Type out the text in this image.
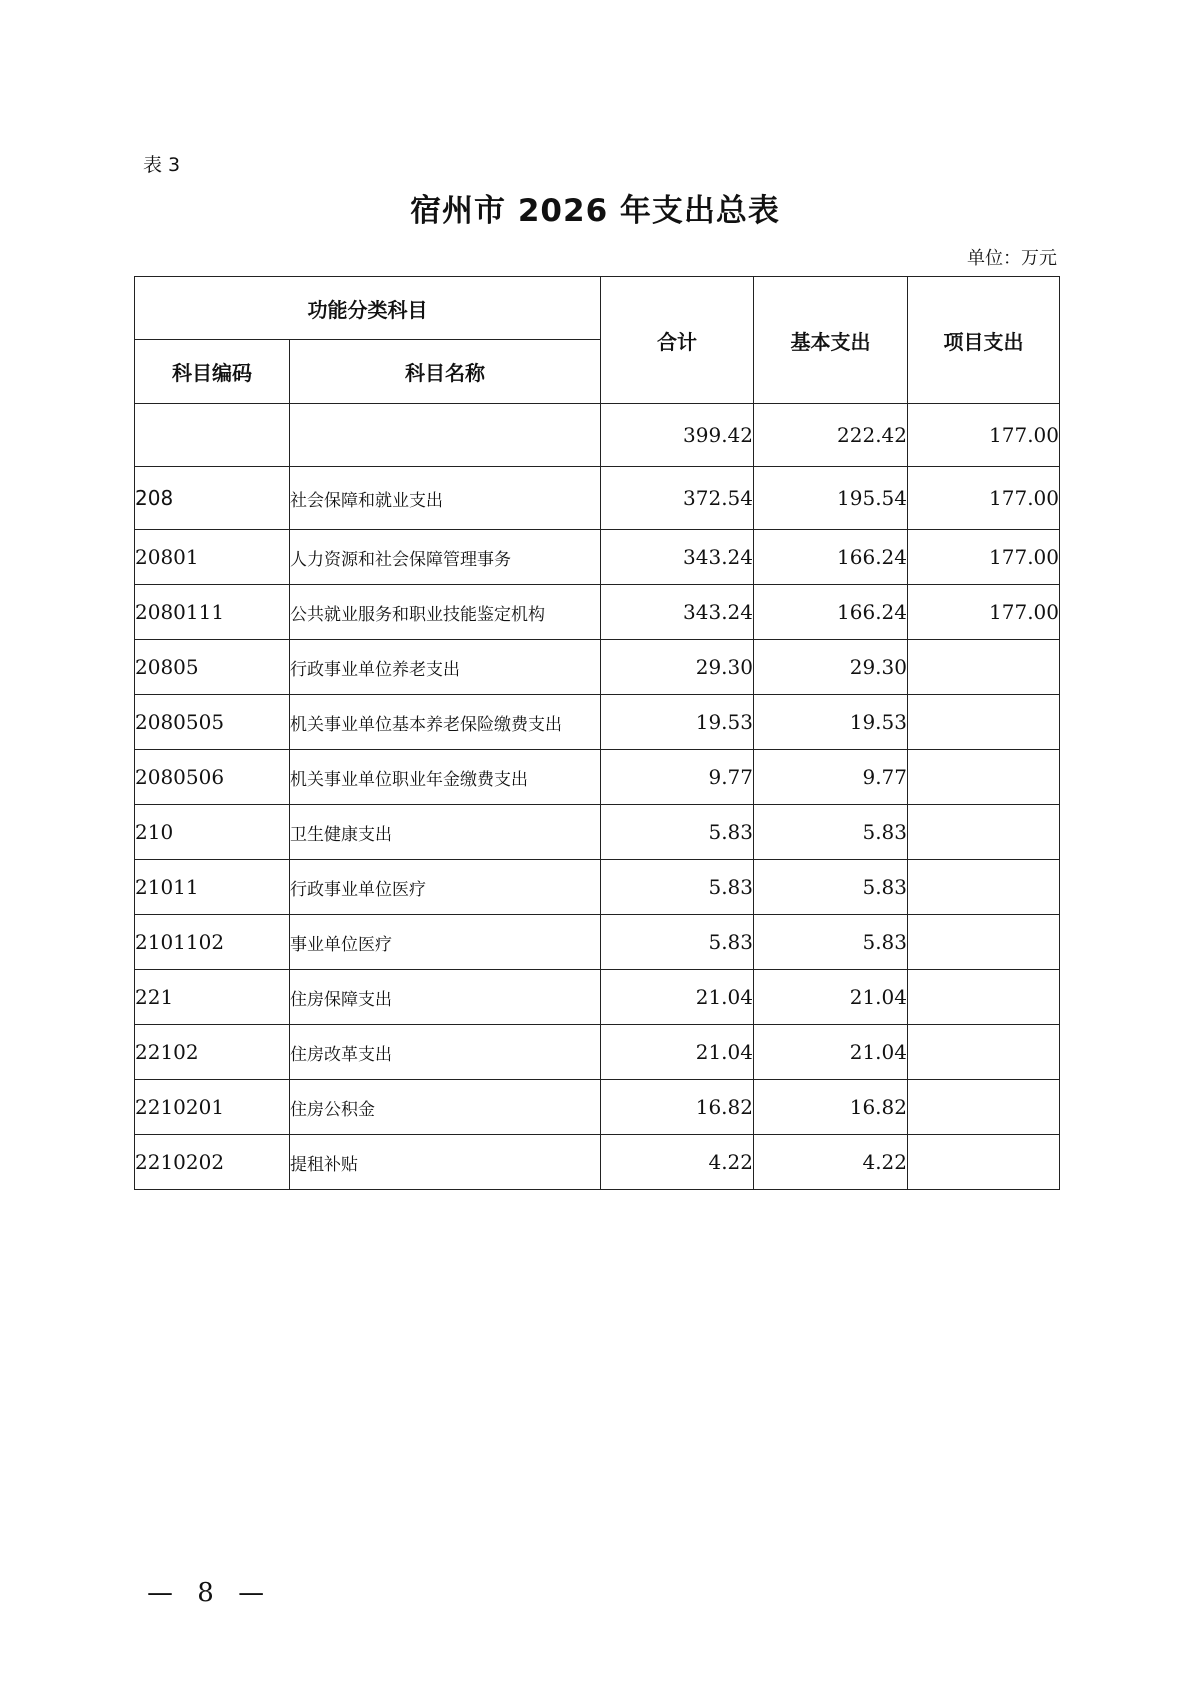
表 3
宿州市 2026 年支出总表
单位：万元
功能分类科目		合计	基本支出	项目支出
科目编码	科目名称			
		399.42	222.42	177.00
208	社会保障和就业支出	372.54	195.54	177.00
20801	人力资源和社会保障管理事务	343.24	166.24	177.00
2080111	公共就业服务和职业技能鉴定机构	343.24	166.24	177.00
20805	行政事业单位养老支出	29.30	29.30	
2080505	机关事业单位基本养老保险缴费支出	19.53	19.53	
2080506	机关事业单位职业年金缴费支出	9.77	9.77	
210	卫生健康支出	5.83	5.83	
21011	行政事业单位医疗	5.83	5.83	
2101102	事业单位医疗	5.83	5.83	
221	住房保障支出	21.04	21.04	
22102	住房改革支出	21.04	21.04	
2210201	住房公积金	16.82	16.82	
2210202	提租补贴	4.22	4.22	
— 8 —
